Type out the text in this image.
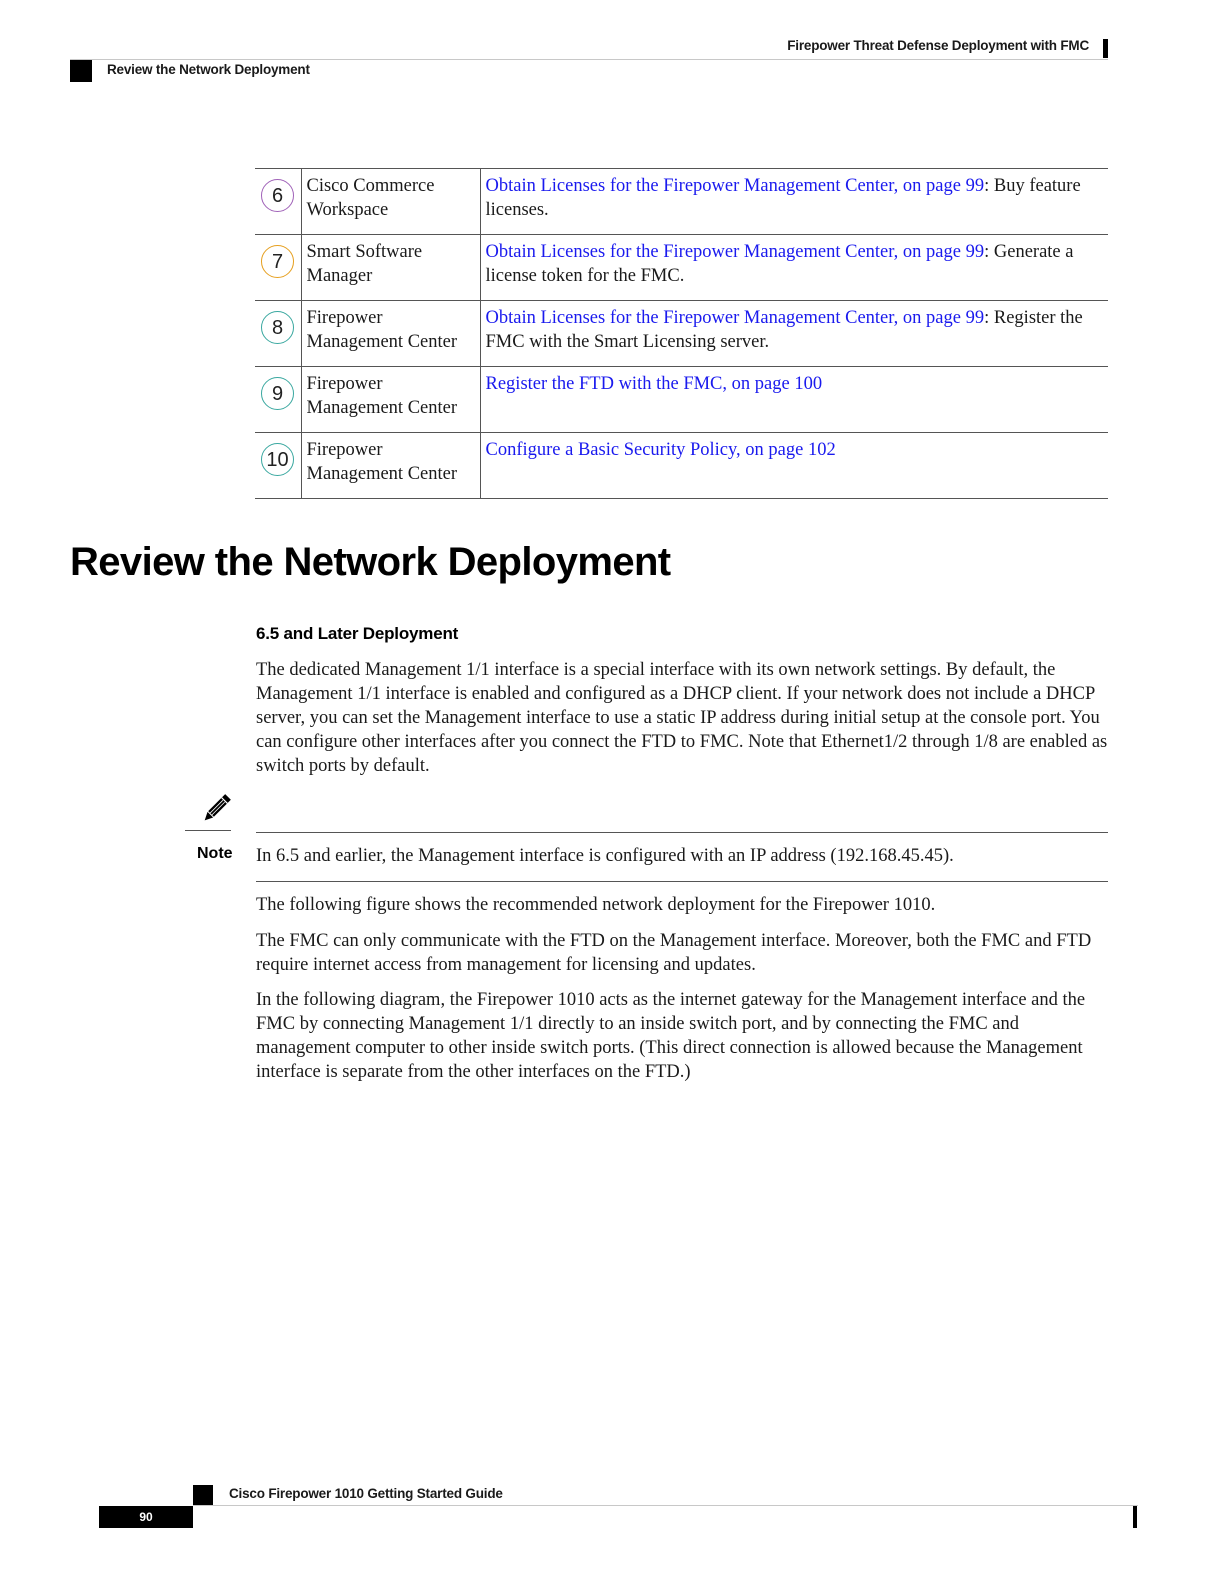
Firepower Threat Defense Deployment with FMC
Review the Network Deployment
6	Cisco Commerce Workspace	Obtain Licenses for the Firepower Management Center, on page 99: Buy feature licenses.

7	Smart Software Manager	Obtain Licenses for the Firepower Management Center, on page 99: Generate a license token for the FMC.

8	Firepower Management Center	Obtain Licenses for the Firepower Management Center, on page 99: Register the FMC with the Smart Licensing server.

9	Firepower Management Center	Register the FTD with the FMC, on page 100

10	Firepower Management Center	Configure a Basic Security Policy, on page 102
Review the Network Deployment
6.5 and Later Deployment

The dedicated Management 1/1 interface is a special interface with its own network settings. By default, the Management 1/1 interface is enabled and configured as a DHCP client. If your network does not include a DHCP server, you can set the Management interface to use a static IP address during initial setup at the console port. You can configure other interfaces after you connect the FTD to FMC. Note that Ethernet1/2 through 1/8 are enabled as switch ports by default.

Note In 6.5 and earlier, the Management interface is configured with an IP address (192.168.45.45).

The following figure shows the recommended network deployment for the Firepower 1010.

The FMC can only communicate with the FTD on the Management interface. Moreover, both the FMC and FTD require internet access from management for licensing and updates.

In the following diagram, the Firepower 1010 acts as the internet gateway for the Management interface and the FMC by connecting Management 1/1 directly to an inside switch port, and by connecting the FMC and management computer to other inside switch ports. (This direct connection is allowed because the Management interface is separate from the other interfaces on the FTD.)

Cisco Firepower 1010 Getting Started Guide
90
